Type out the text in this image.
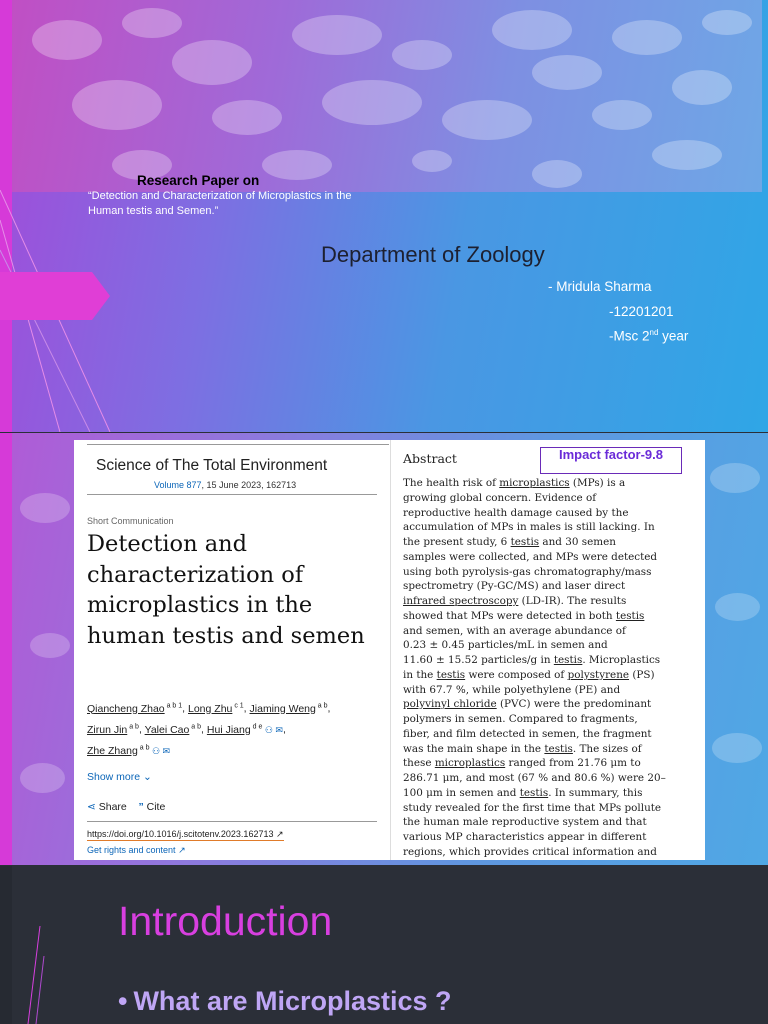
Research Paper on
“Detection and Characterization of Microplastics in the Human testis and Semen.”
Department of Zoology
- Mridula Sharma
-12201201
-Msc 2nd year
Science of The Total Environment
Volume 877, 15 June 2023, 162713
Short Communication
Detection and characterization of microplastics in the human testis and semen
Qiancheng Zhao $^{a b 1}$, Long Zhu $^{c 1}$, Jiaming Weng $^{a b}$,
Zirun Jin $^{a b}$, Yalei Cao $^{a b}$, Hui Jiang $^{d e}$ ⚇ ✉,
Zhe Zhang $^{a b}$ ⚇ ✉
Show more ⌄
⋖ Share ” Cite
https://doi.org/10.1016/j.scitotenv.2023.162713 ↗
Get rights and content ↗
Abstract
The health risk of microplastics (MPs) is a
growing global concern. Evidence of
reproductive health damage caused by the
accumulation of MPs in males is still lacking. In
the present study, 6 testis and 30 semen
samples were collected, and MPs were detected
using both pyrolysis-gas chromatography/mass
spectrometry (Py-GC/MS) and laser direct
infrared spectroscopy (LD-IR). The results
showed that MPs were detected in both testis
and semen, with an average abundance of
0.23 ± 0.45 particles/mL in semen and
11.60 ± 15.52 particles/g in testis. Microplastics
in the testis were composed of polystyrene (PS)
with 67.7 %, while polyethylene (PE) and
polyvinyl chloride (PVC) were the predominant
polymers in semen. Compared to fragments,
fiber, and film detected in semen, the fragment
was the main shape in the testis. The sizes of
these microplastics ranged from 21.76 μm to
286.71 μm, and most (67 % and 80.6 %) were 20–
100 μm in semen and testis. In summary, this
study revealed for the first time that MPs pollute
the human male reproductive system and that
various MP characteristics appear in different
regions, which provides critical information and
Impact factor-9.8
Introduction
• What are Microplastics ?
